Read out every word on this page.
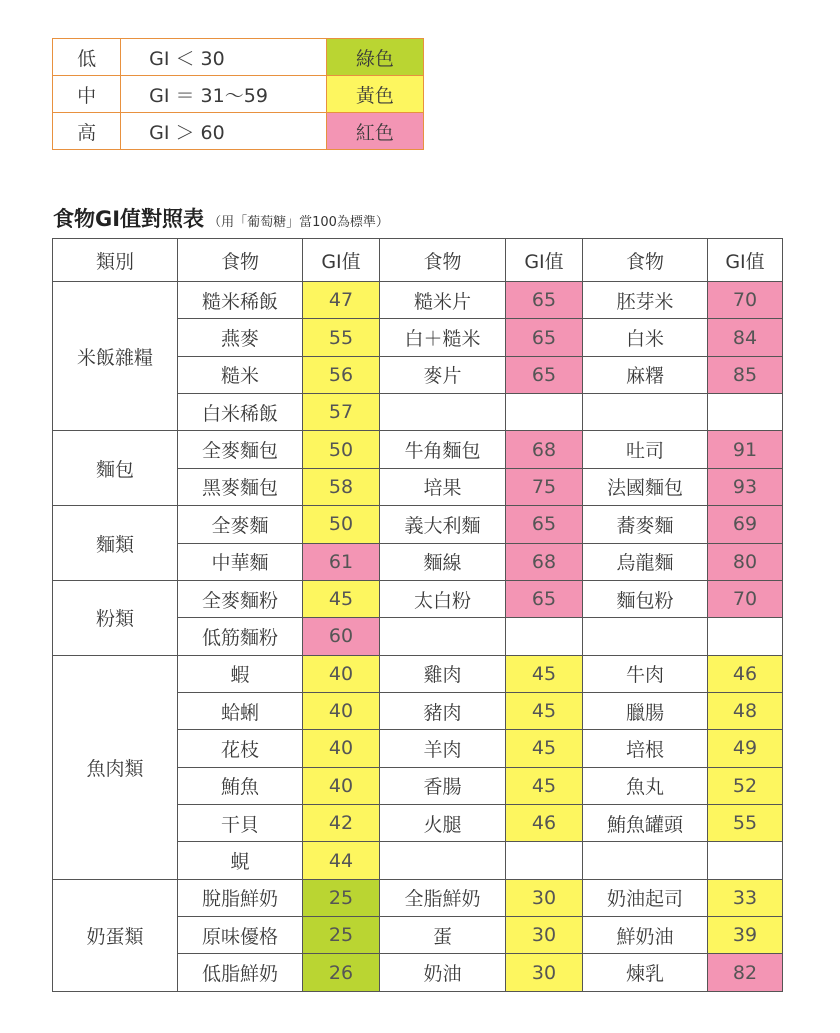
低	GI ＜ 30	綠色
中	GI ＝ 31〜59	黃色
高	GI ＞ 60	紅色
食物GI值對照表 （用「葡萄糖」當100為標準）
類別	食物	GI值	食物	GI值	食物	GI值
米飯雜糧	糙米稀飯	47	糙米片	65	胚芽米	70
	燕麥	55	白＋糙米	65	白米	84
	糙米	56	麥片	65	麻糬	85
	白米稀飯	57				
麵包	全麥麵包	50	牛角麵包	68	吐司	91
	黑麥麵包	58	培果	75	法國麵包	93
麵類	全麥麵	50	義大利麵	65	蕎麥麵	69
	中華麵	61	麵線	68	烏龍麵	80
粉類	全麥麵粉	45	太白粉	65	麵包粉	70
	低筋麵粉	60				
魚肉類	蝦	40	雞肉	45	牛肉	46
	蛤蜊	40	豬肉	45	臘腸	48
	花枝	40	羊肉	45	培根	49
	鮪魚	40	香腸	45	魚丸	52
	干貝	42	火腿	46	鮪魚罐頭	55
	蜆	44				
奶蛋類	脫脂鮮奶	25	全脂鮮奶	30	奶油起司	33
	原味優格	25	蛋	30	鮮奶油	39
	低脂鮮奶	26	奶油	30	煉乳	82
